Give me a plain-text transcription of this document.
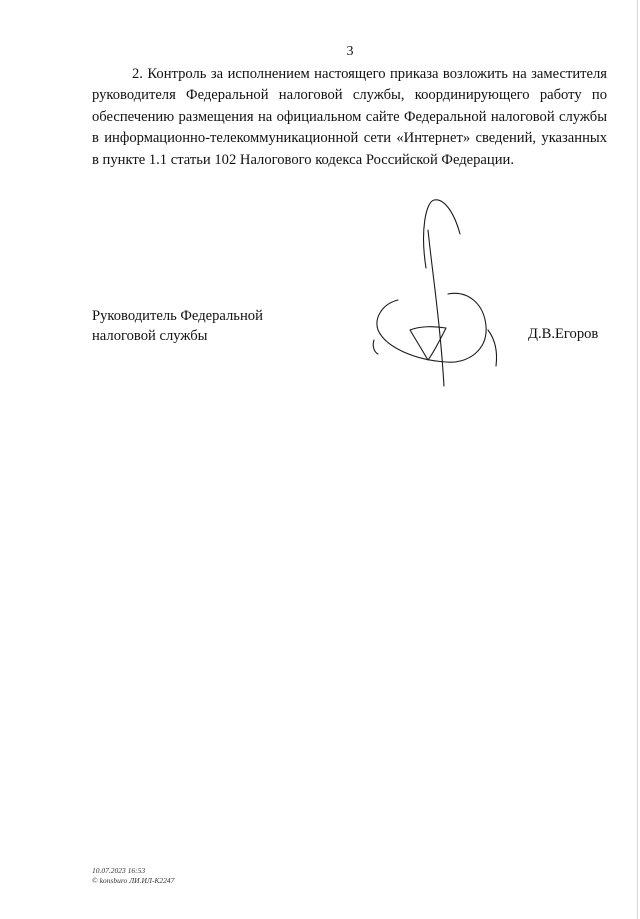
3

2. Контроль за исполнением настоящего приказа возложить на заместителя руководителя Федеральной налоговой службы, координирующего работу по обеспечению размещения на официальном сайте Федеральной налоговой службы в информационно-телекоммуникационной сети «Интернет» сведений, указанных в пункте 1.1 статьи 102 Налогового кодекса Российской Федерации.

Руководитель Федеральной
налоговой службы	Д.В.Егоров
10.07.2023 16:53
© konsburo ЛИ.ИЛ-К2247
